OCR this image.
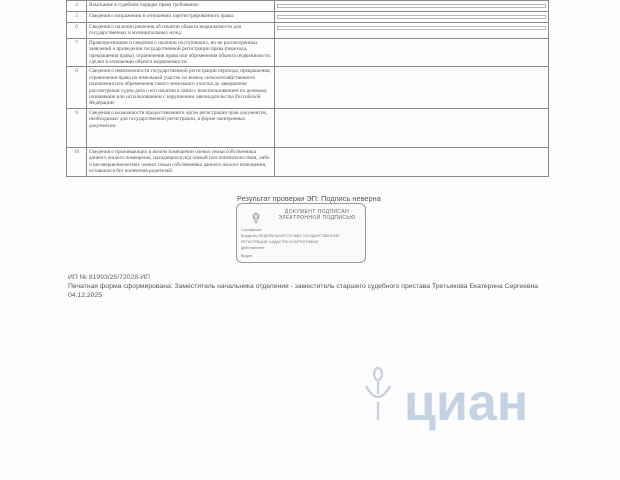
4	Взыскание в судебном порядке права требования:	

5	Сведения о возражении в отношении зарегистрированного права:	

6	Сведения о наличии решения об изъятии объекта недвижимости для государственных и муниципальных нужд:	

7	Правопритязания и сведения о наличии поступивших, но не рассмотренных заявлений о проведении государственной регистрации права (перехода, прекращения права), ограничения права или обременения объекта недвижимости, сделки в отношении объекта недвижимости:	
8	Сведения о невозможности государственной регистрации перехода, прекращения, ограничения права на земельный участок из земель сельскохозяйственного назначения или обременения такого земельного участка до завершения рассмотрения судом дела о его изъятии в связи с неиспользованием по целевому назначению или использованием с нарушением законодательства Российской Федерации:	
9	Сведения о возможности предоставления в орган регистрации прав документов, необходимых для государственной регистрации, в форме электронных документов:	
10	Сведения о проживающих в жилом помещении членах семьи собственника данного жилого помещения, находящихся под опекой или попечительством, либо о несовершеннолетних членах семьи собственника данного жилого помещения, оставшихся без попечения родителей:	
Результат проверки ЭП: Подпись неверна
ДОКУМЕНТ ПОДПИСАН ЭЛЕКТРОННОЙ ПОДПИСЬЮ
Сертификат
Владелец ФЕДЕРАЛЬНАЯ СЛУЖБА ГОСУДАРСТВЕННОЙ
РЕГИСТРАЦИИ, КАДАСТРА И КАРТОГРАФИИ
Действителен
Выдан
ИП № 81993/25/72028-ИП
Печатная форма сформирована: Заместитель начальника отделения - заместитель старшего судебного пристава Третьякова Екатерина Сергеевна 04.12.2025
циан
